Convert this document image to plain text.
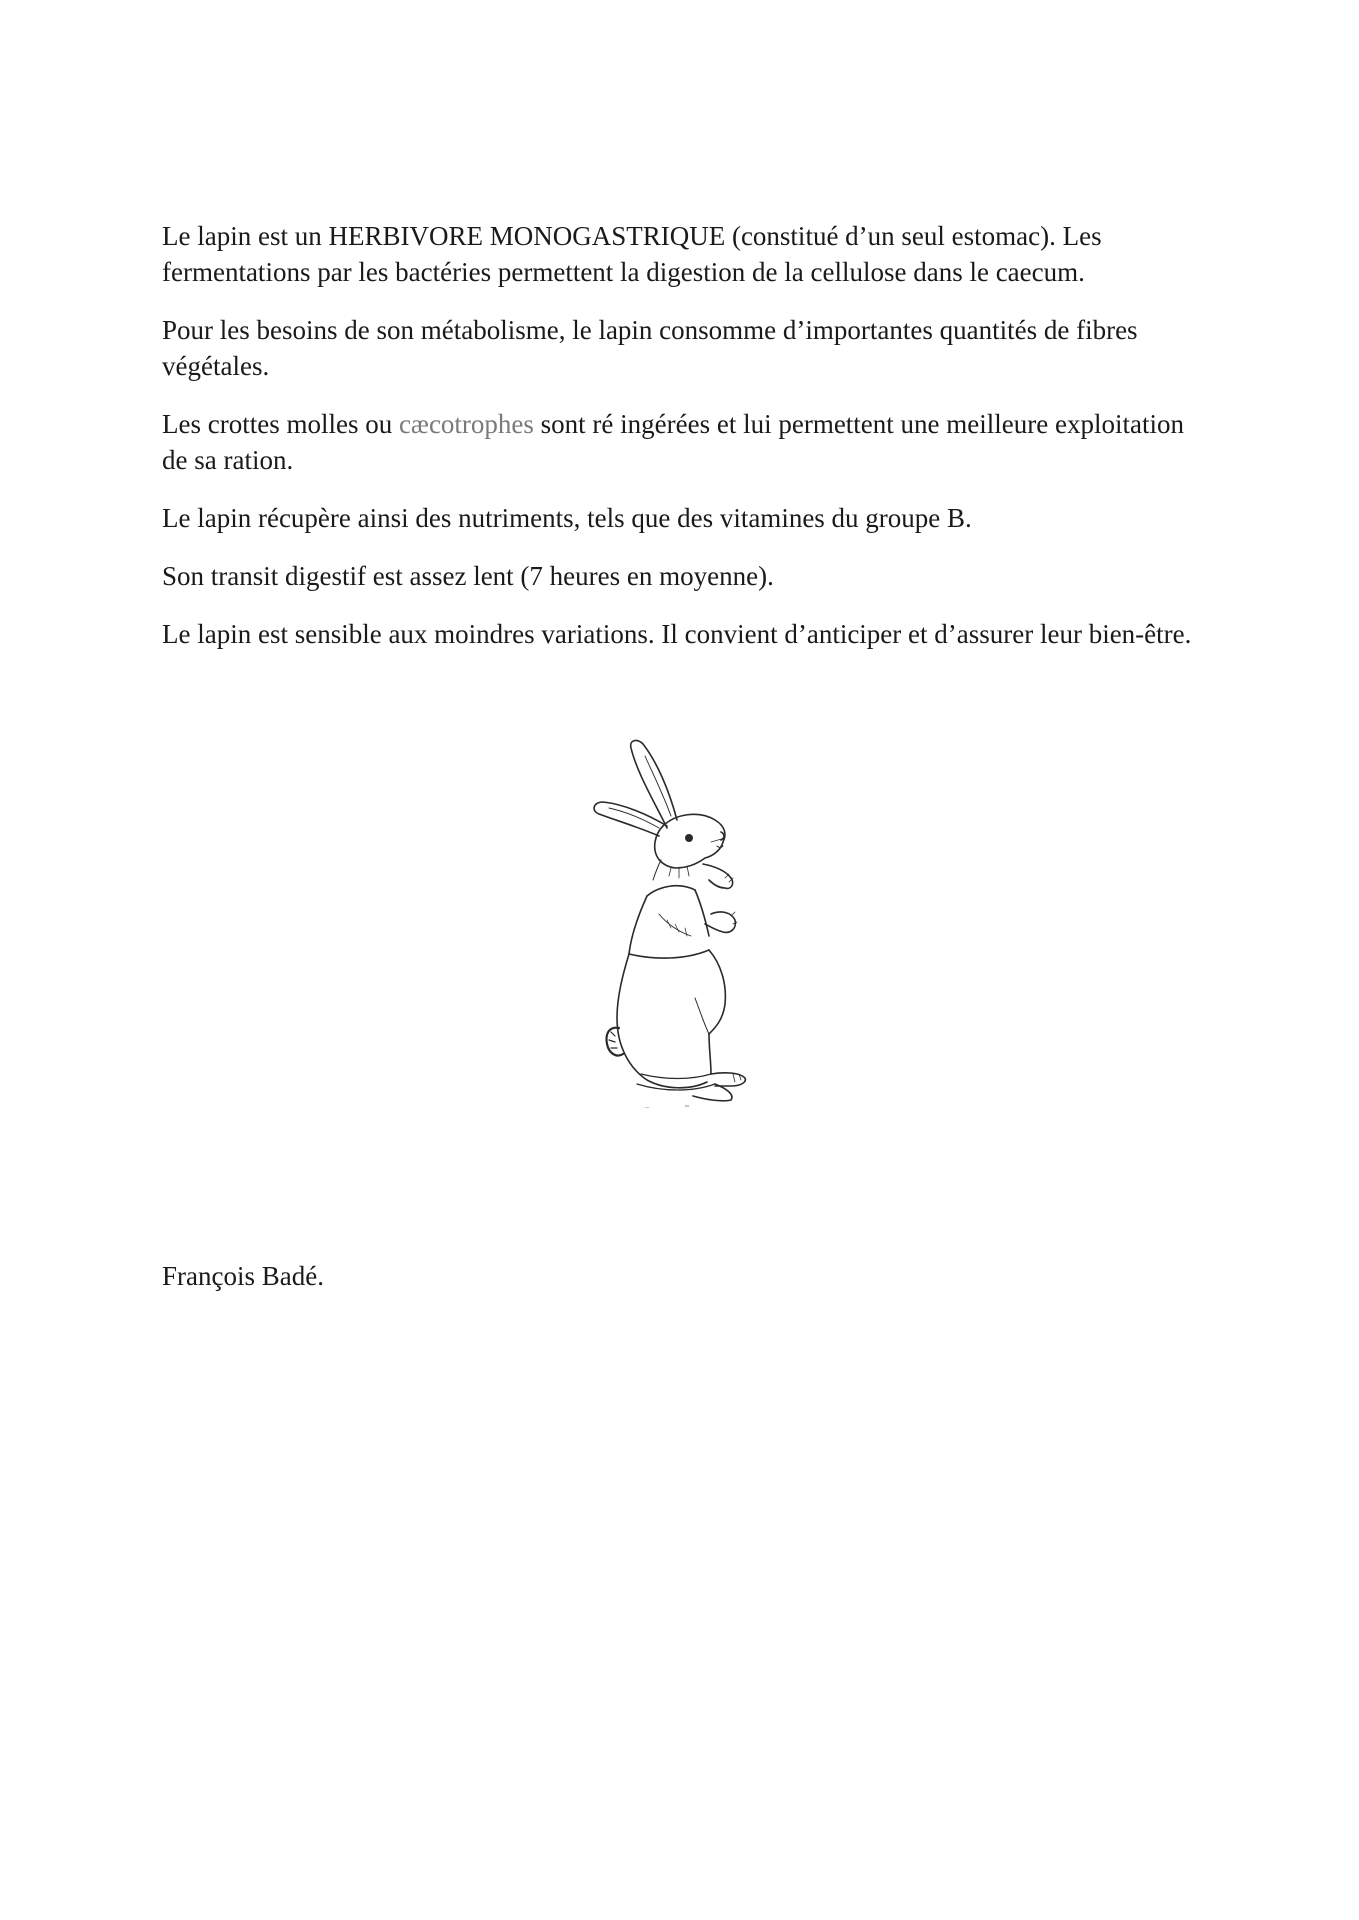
Le lapin est un HERBIVORE MONOGASTRIQUE (constitué d’un seul estomac). Les fermentations par les bactéries permettent la digestion de la cellulose dans le caecum.

Pour les besoins de son métabolisme, le lapin consomme d’importantes quantités de fibres végétales.

Les crottes molles ou cæcotrophes sont ré ingérées et lui permettent une meilleure exploitation de sa ration.

Le lapin récupère ainsi des nutriments, tels que des vitamines du groupe B.

Son transit digestif est assez lent (7 heures en moyenne).

Le lapin est sensible aux moindres variations. Il convient d’anticiper et d’assurer leur bien-être.

François Badé.
